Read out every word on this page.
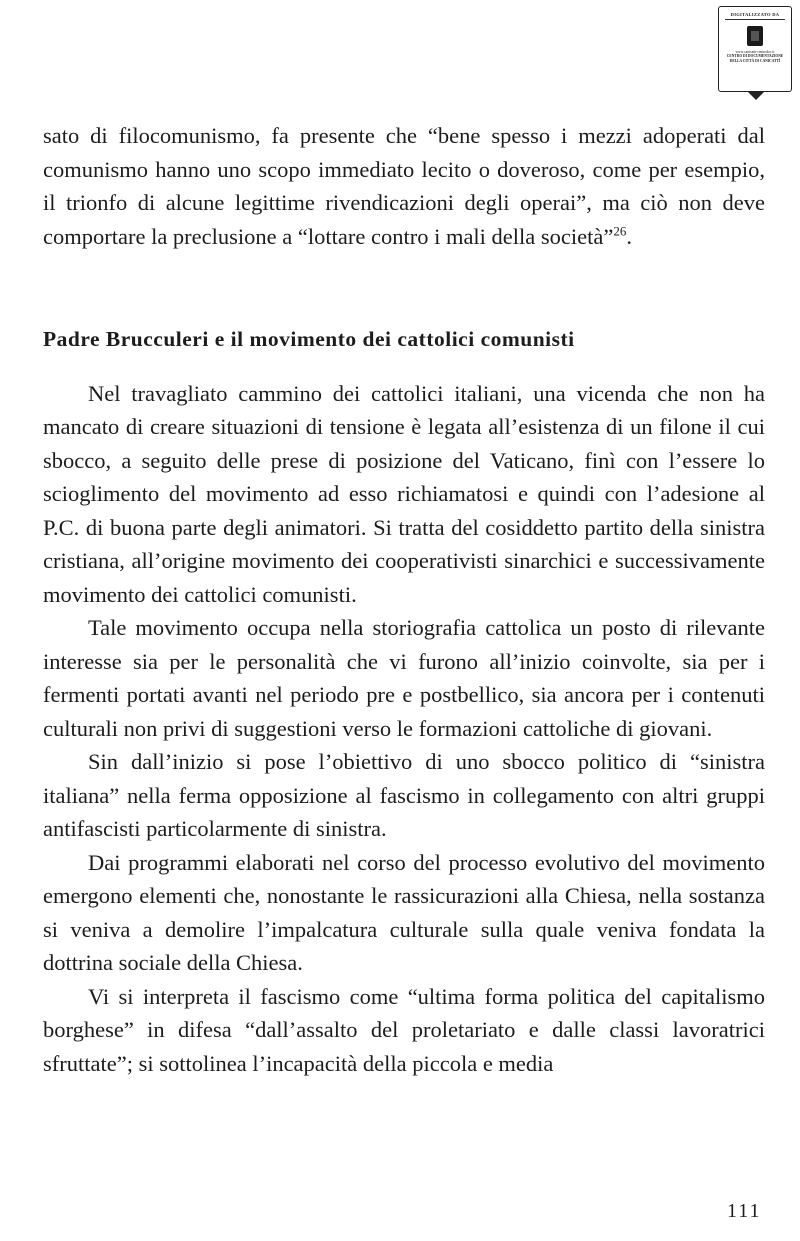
DIGITALIZZATO DA
www.canicatti-centrodoc.it
CENTRO DI DOCUMENTAZIONE
DELLA CITTÀ DI CANICATTÌ

sato di filocomunismo, fa presente che “bene spesso i mezzi adoperati dal comunismo hanno uno scopo immediato lecito o doveroso, come per esempio, il trionfo di alcune legittime rivendicazioni degli operai”, ma ciò non deve comportare la preclusione a “lottare contro i mali della società”$^{26}$.

Padre Brucculeri e il movimento dei cattolici comunisti

Nel travagliato cammino dei cattolici italiani, una vicenda che non ha mancato di creare situazioni di tensione è legata all’esistenza di un filone il cui sbocco, a seguito delle prese di posizione del Vaticano, finì con l’essere lo scioglimento del movimento ad esso richiamatosi e quindi con l’adesione al P.C. di buona parte degli animatori. Si tratta del cosiddetto partito della sinistra cristiana, all’origine movimento dei cooperativisti sinarchici e successivamente movimento dei cattolici comunisti.

Tale movimento occupa nella storiografia cattolica un posto di rilevante interesse sia per le personalità che vi furono all’inizio coinvolte, sia per i fermenti portati avanti nel periodo pre e postbellico, sia ancora per i contenuti culturali non privi di suggestioni verso le formazioni cattoliche di giovani.

Sin dall’inizio si pose l’obiettivo di uno sbocco politico di “sinistra italiana” nella ferma opposizione al fascismo in collegamento con altri gruppi antifascisti particolarmente di sinistra.

Dai programmi elaborati nel corso del processo evolutivo del movimento emergono elementi che, nonostante le rassicurazioni alla Chiesa, nella sostanza si veniva a demolire l’impalcatura culturale sulla quale veniva fondata la dottrina sociale della Chiesa.

Vi si interpreta il fascismo come “ultima forma politica del capitalismo borghese” in difesa “dall’assalto del proletariato e dalle classi lavoratrici sfruttate”; si sottolinea l’incapacità della piccola e media

111
